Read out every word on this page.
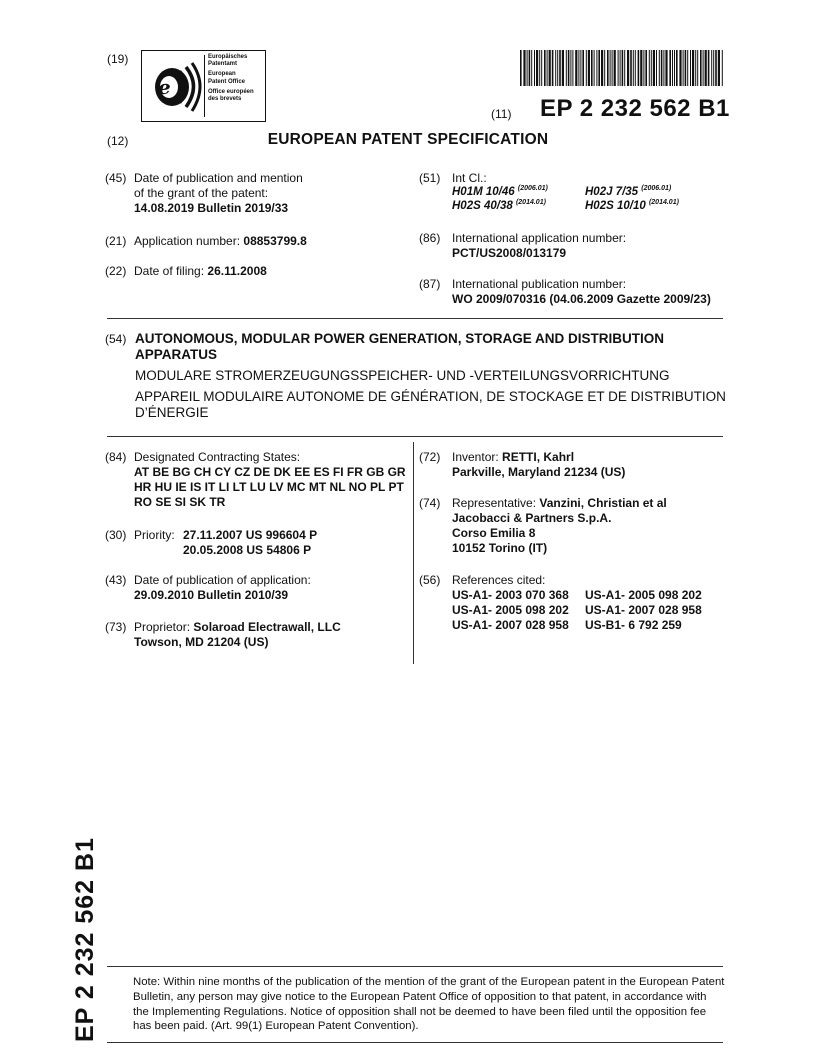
(19)
e
Europäisches
Patentamt
European
Patent Office
Office européen
des brevets
(11) EP 2 232 562 B1
(12)	EUROPEAN PATENT SPECIFICATION
(45) Date of publication and mention
of the grant of the patent:
14.08.2019 Bulletin 2019/33
(21) Application number: 08853799.8
(22) Date of filing: 26.11.2008
(51) Int Cl.:
H01M 10/46 $^{(2006.01)}$	H02J 7/35 $^{(2006.01)}$
H02S 40/38 $^{(2014.01)}$	H02S 10/10 $^{(2014.01)}$
(86) International application number:
PCT/US2008/013179
(87) International publication number:
WO 2009/070316 (04.06.2009 Gazette 2009/23)
(54) AUTONOMOUS, MODULAR POWER GENERATION, STORAGE AND DISTRIBUTION
APPARATUS
MODULARE STROMERZEUGUNGSSPEICHER- UND -VERTEILUNGSVORRICHTUNG
APPAREIL MODULAIRE AUTONOME DE GÉNÉRATION, DE STOCKAGE ET DE DISTRIBUTION
D’ÉNERGIE
(84) Designated Contracting States:
AT BE BG CH CY CZ DE DK EE ES FI FR GB GR
HR HU IE IS IT LI LT LU LV MC MT NL NO PL PT
RO SE SI SK TR
(30) Priority: 27.11.2007 US 996604 P
20.05.2008 US 54806 P
(43) Date of publication of application:
29.09.2010 Bulletin 2010/39
(73) Proprietor: Solaroad Electrawall, LLC
Towson, MD 21204 (US)
(72) Inventor: RETTI, Kahrl
Parkville, Maryland 21234 (US)
(74) Representative: Vanzini, Christian et al
Jacobacci & Partners S.p.A.
Corso Emilia 8
10152 Torino (IT)
(56) References cited:
US-A1- 2003 070 368 US-A1- 2005 098 202
US-A1- 2005 098 202 US-A1- 2007 028 958
US-A1- 2007 028 958 US-B1- 6 792 259
EP 2 232 562 B1	Note: Within nine months of the publication of the mention of the grant of the European patent in the European Patent Bulletin, any person may give notice to the European Patent Office of opposition to that patent, in accordance with the Implementing Regulations. Notice of opposition shall not be deemed to have been filed until the opposition fee has been paid. (Art. 99(1) European Patent Convention).
